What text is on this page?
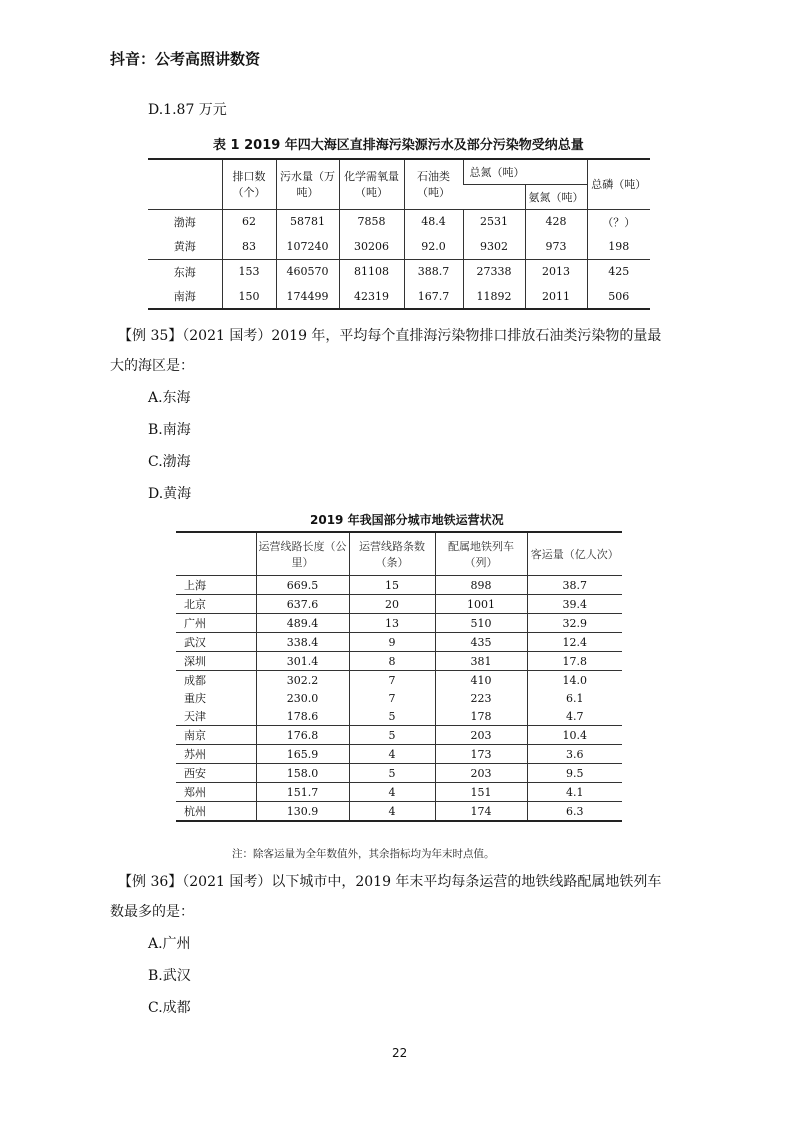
抖音：公考高照讲数资
D.1.87 万元
表 1 2019 年四大海区直排海污染源污水及部分污染物受纳总量
	排口数（个）	污水量（万吨）	化学需氧量（吨）	石油类（吨）	总氮（吨）		总磷（吨）
						氨氮（吨）	
渤海	62	58781	7858	48.4	2531	428	（？）
黄海	83	107240	30206	92.0	9302	973	198
东海	153	460570	81108	388.7	27338	2013	425
南海	150	174499	42319	167.7	11892	2011	506
【例 35】（2021 国考）2019 年，平均每个直排海污染物排口排放石油类污染物的量最
大的海区是：
A.东海
B.南海
C.渤海
D.黄海
2019 年我国部分城市地铁运营状况
	运营线路长度（公里）	运营线路条数（条）	配属地铁列车（列）	客运量（亿人次）
上海	669.5	15	898	38.7
北京	637.6	20	1001	39.4
广州	489.4	13	510	32.9
武汉	338.4	9	435	12.4
深圳	301.4	8	381	17.8
成都	302.2	7	410	14.0
重庆	230.0	7	223	6.1
天津	178.6	5	178	4.7
南京	176.8	5	203	10.4
苏州	165.9	4	173	3.6
西安	158.0	5	203	9.5
郑州	151.7	4	151	4.1
杭州	130.9	4	174	6.3
注：除客运量为全年数值外，其余指标均为年末时点值。
【例 36】（2021 国考）以下城市中，2019 年末平均每条运营的地铁线路配属地铁列车
数最多的是：
A.广州
B.武汉
C.成都
22
